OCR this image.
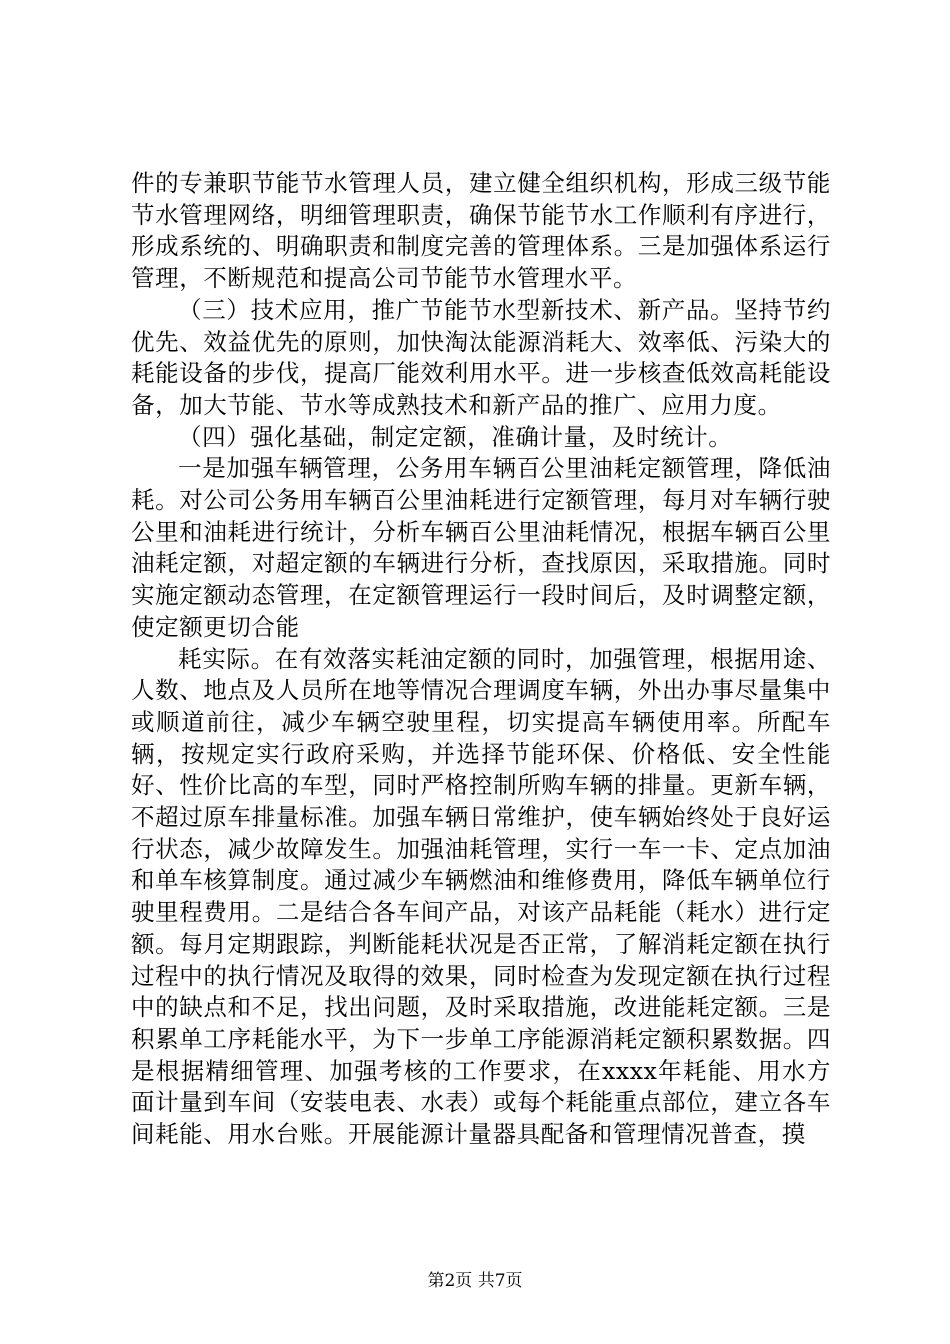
件的专兼职节能节水管理人员，建立健全组织机构，形成三级节能节水管理网络，明细管理职责，确保节能节水工作顺利有序进行，形成系统的、明确职责和制度完善的管理体系。三是加强体系运行管理，不断规范和提高公司节能节水管理水平。

（三）技术应用，推广节能节水型新技术、新产品。坚持节约优先、效益优先的原则，加快淘汰能源消耗大、效率低、污染大的耗能设备的步伐，提高厂能效利用水平。进一步核查低效高耗能设备，加大节能、节水等成熟技术和新产品的推广、应用力度。

（四）强化基础，制定定额，准确计量，及时统计。

一是加强车辆管理，公务用车辆百公里油耗定额管理，降低油耗。对公司公务用车辆百公里油耗进行定额管理，每月对车辆行驶公里和油耗进行统计，分析车辆百公里油耗情况，根据车辆百公里油耗定额，对超定额的车辆进行分析，查找原因，采取措施。同时实施定额动态管理，在定额管理运行一段时间后，及时调整定额，使定额更切合能

耗实际。在有效落实耗油定额的同时，加强管理，根据用途、人数、地点及人员所在地等情况合理调度车辆，外出办事尽量集中或顺道前往，减少车辆空驶里程，切实提高车辆使用率。所配车辆，按规定实行政府采购，并选择节能环保、价格低、安全性能好、性价比高的车型，同时严格控制所购车辆的排量。更新车辆，不超过原车排量标准。加强车辆日常维护，使车辆始终处于良好运行状态，减少故障发生。加强油耗管理，实行一车一卡、定点加油和单车核算制度。通过减少车辆燃油和维修费用，降低车辆单位行驶里程费用。二是结合各车间产品，对该产品耗能（耗水）进行定额。每月定期跟踪，判断能耗状况是否正常，了解消耗定额在执行过程中的执行情况及取得的效果，同时检查为发现定额在执行过程中的缺点和不足，找出问题，及时采取措施，改进能耗定额。三是积累单工序耗能水平，为下一步单工序能源消耗定额积累数据。四是根据精细管理、加强考核的工作要求，在xxxx年耗能、用水方面计量到车间（安装电表、水表）或每个耗能重点部位，建立各车间耗能、用水台账。开展能源计量器具配备和管理情况普查，摸

第2页 共7页
